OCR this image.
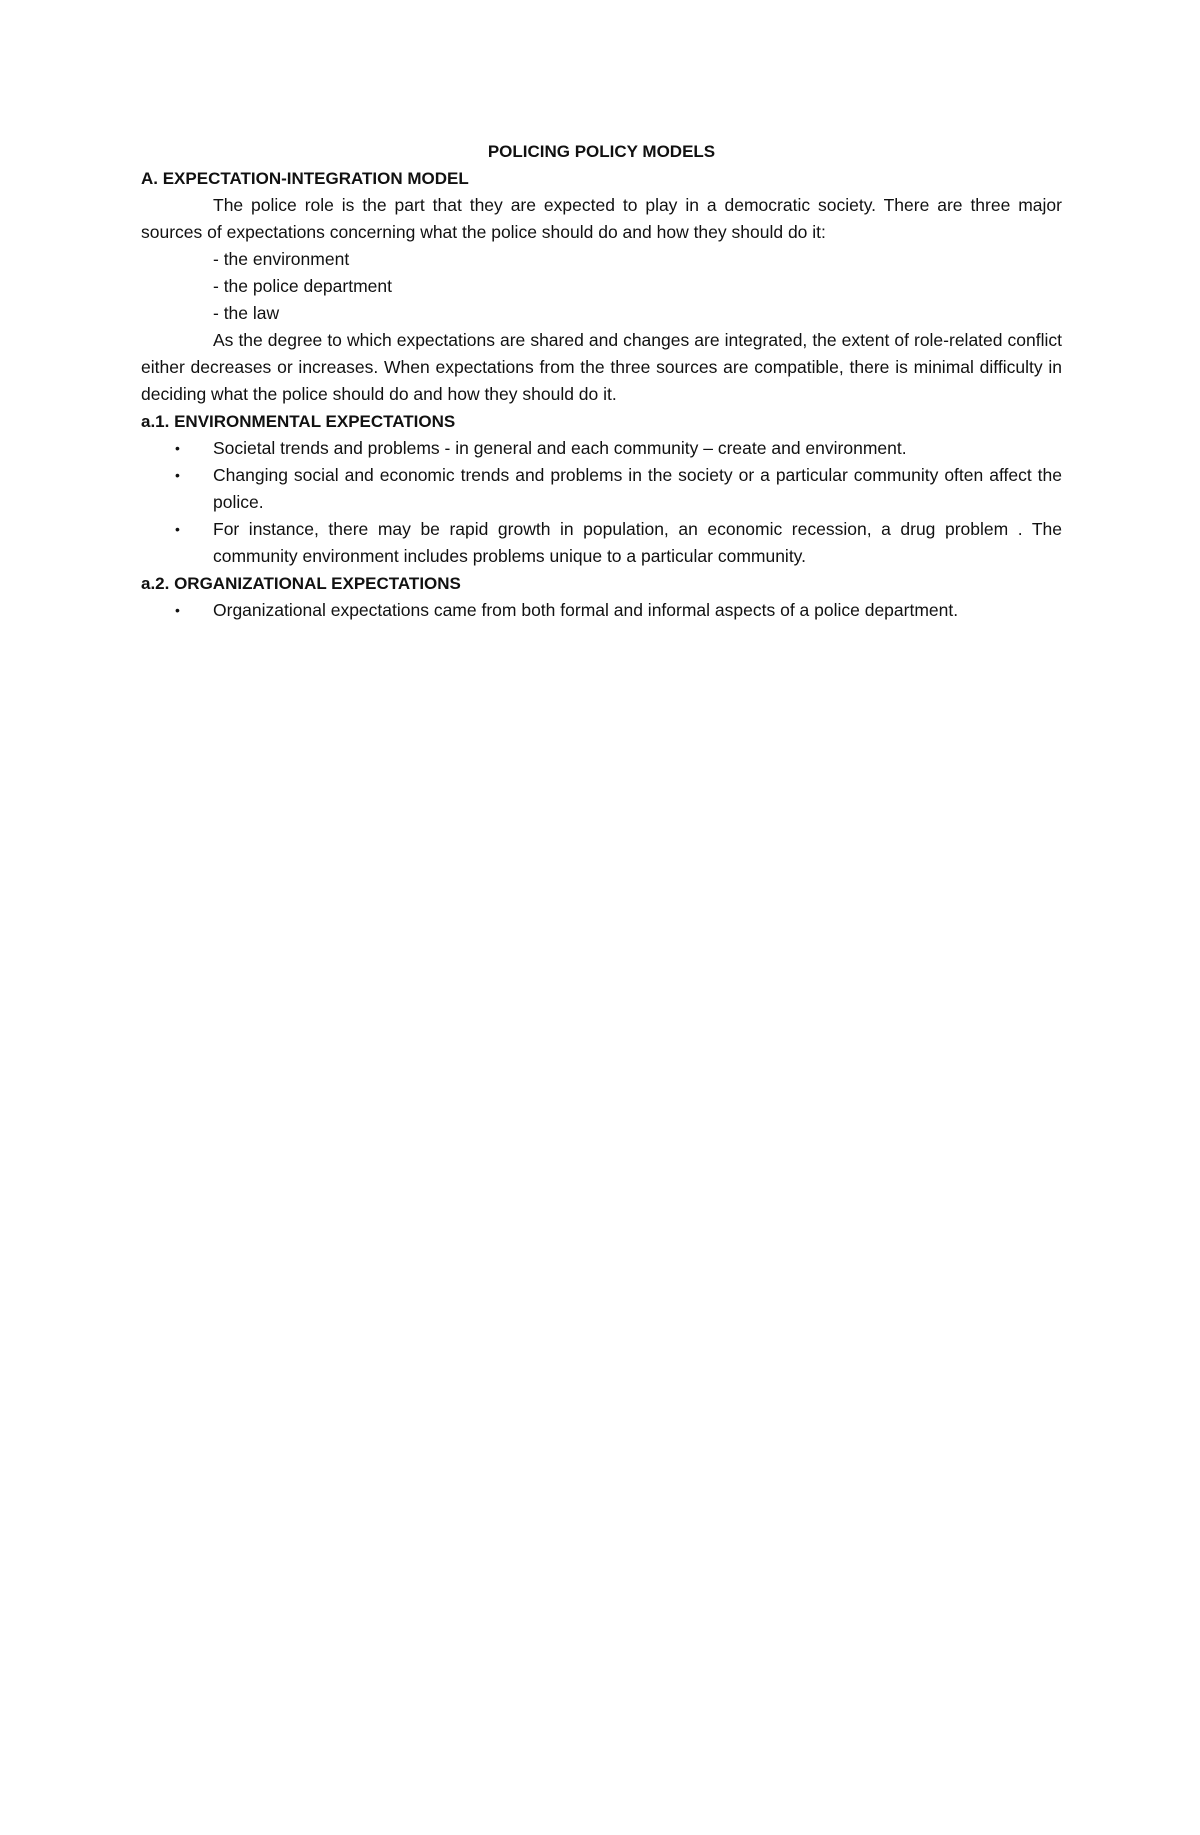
POLICING POLICY MODELS

A. EXPECTATION-INTEGRATION MODEL

The police role is the part that they are expected to play in a democratic society. There are three major sources of expectations concerning what the police should do and how they should do it:

- the environment

- the police department

- the law

As the degree to which expectations are shared and changes are integrated, the extent of role-related conflict either decreases or increases. When expectations from the three sources are compatible, there is minimal difficulty in deciding what the police should do and how they should do it.

a.1. ENVIRONMENTAL EXPECTATIONS

• Societal trends and problems - in general and each community – create and environment.
• Changing social and economic trends and problems in the society or a particular community often affect the police.
• For instance, there may be rapid growth in population, an economic recession, a drug problem . The community environment includes problems unique to a particular community.

a.2. ORGANIZATIONAL EXPECTATIONS

• Organizational expectations came from both formal and informal aspects of a police department.
